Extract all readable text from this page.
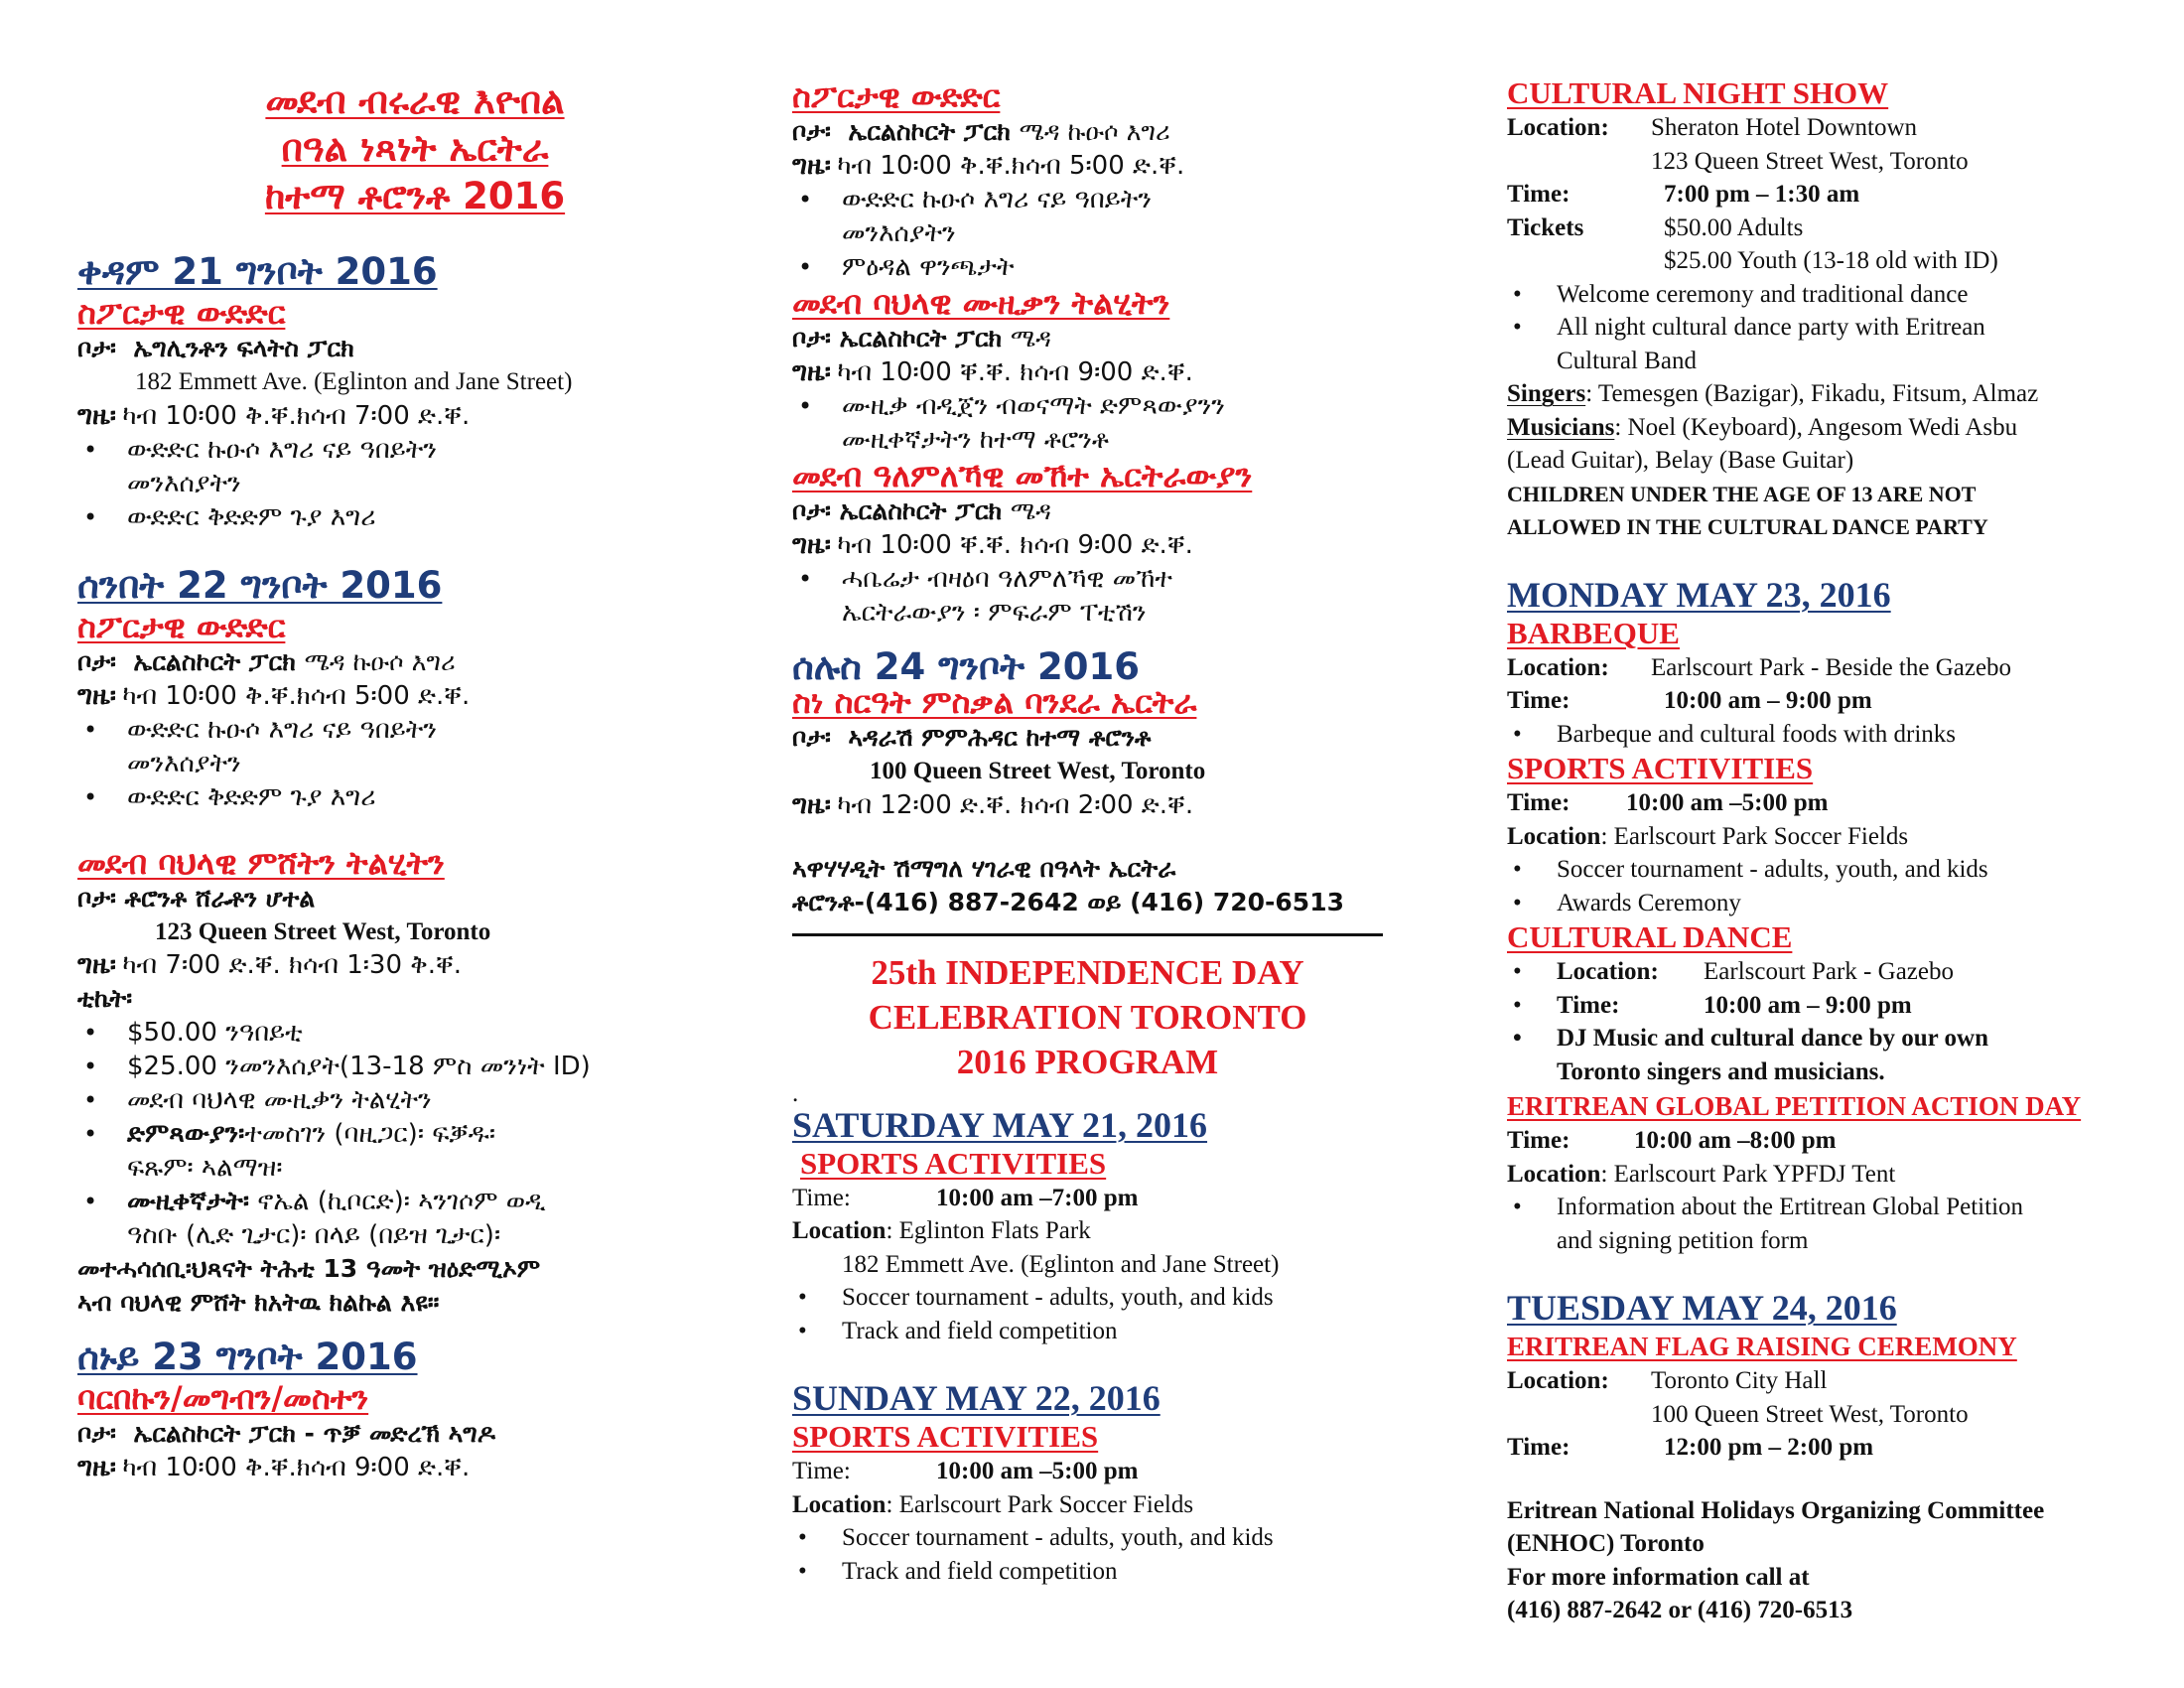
መደብ ብሩራዊ እዮበል
በዓል ነጻነት ኤርትራ
ከተማ ቶሮንቶ 2016
ቀዳም 21 ግንቦት 2016
ስፖርታዊ ውድድር
ቦታ፡ ኤግሊንቶን ፍላትስ ፓርክ
182 Emmett Ave. (Eglinton and Jane Street)
ግዜ፡ ካብ 10፡00 ቅ.ቐ.ክሳብ 7፡00 ድ.ቐ.
• ውድድር ኩዑሶ እግሪ ናይ ዓበይትን
መንእሰያትን
• ውድድር ቅድድም ጉያ እግሪ
ሰንበት 22 ግንቦት 2016
ስፖርታዊ ውድድር
ቦታ፡ ኤርልስኮርት ፓርክ ሜዳ ኩዑሶ እግሪ
ግዜ፡ ካብ 10፡00 ቅ.ቐ.ክሳብ 5፡00 ድ.ቐ.
• ውድድር ኩዑሶ እግሪ ናይ ዓበይትን
መንእሰያትን
• ውድድር ቅድድም ጉያ እግሪ
መደብ ባህላዊ ምሸትን ትልሂትን
ቦታ፡ ቶሮንቶ ሸራቶን ሆተል
123 Queen Street West, Toronto
ግዜ፡ ካብ 7፡00 ድ.ቐ. ክሳብ 1፡30 ቅ.ቐ.
ቲኬት፡
• $50.00 ንዓበይቲ
• $25.00 ንመንእሰያት(13-18 ምስ መንነት ID)
• መደብ ባህላዊ ሙዚቃን ትልሂትን
• ድምጻውያን፡ተመስገን (ባዚጋር)፡ ፍቓዱ፡
ፍጹም፡ ኣልማዝ፡
• ሙዚቀኛታት፡ ኖኤል (ኪቦርድ)፡ ኣንገሶም ወዲ
ዓስቡ (ሊድ ጊታር)፡ በላይ (በይዝ ጊታር)፡
መተሓሳሰቢ፡ህጻናት ትሕቲ 13 ዓመት ዝዕድሚኦም
ኣብ ባህላዊ ምሸት ክአትዉ ክልኩል እዩ።
ሰኑይ 23 ግንቦት 2016
ባርበኩን/መግብን/መስተን
ቦታ፡ ኤርልስኮርት ፓርክ - ጥቓ መድረኽ ኣግዶ
ግዜ፡ ካብ 10፡00 ቅ.ቐ.ክሳብ 9፡00 ድ.ቐ.
ስፖርታዊ ውድድር
ቦታ፡ ኤርልስኮርት ፓርክ ሜዳ ኩዑሶ እግሪ
ግዜ፡ ካብ 10፡00 ቅ.ቐ.ክሳብ 5፡00 ድ.ቐ.
• ውድድር ኩዑሶ እግሪ ናይ ዓበይትን
መንእሰያትን
• ምዕዳል ዋንጫታት
መደብ ባህላዊ ሙዚቃን ትልሂትን
ቦታ፡ ኤርልስኮርት ፓርክ ሜዳ
ግዜ፡ ካብ 10፡00 ቐ.ቐ. ክሳብ 9፡00 ድ.ቐ.
• ሙዚቃ ብዲጀን ብወናማት ድምጻውያንን
ሙዚቀኛታትን ከተማ ቶሮንቶ
መደብ ዓለምለኻዊ መኸተ ኤርትራውያን
ቦታ፡ ኤርልስኮርት ፓርክ ሜዳ
ግዜ፡ ካብ 10፡00 ቐ.ቐ. ክሳብ 9፡00 ድ.ቐ.
• ሓቤሬታ ብዛዕባ ዓለምለኻዊ መኸተ
ኤርትራውያን ፡ ምፍራም ፐቲሽን
ሰሉስ 24 ግንቦት 2016
ስነ ስርዓት ምስቃል ባንደራ ኤርትራ
ቦታ፡ ኣዳራሽ ምምሕዳር ከተማ ቶሮንቶ
100 Queen Street West, Toronto
ግዜ፡ ካብ 12፡00 ድ.ቐ. ክሳብ 2፡00 ድ.ቐ.
ኣዋሃሃዲት ሽማግለ ሃገራዊ በዓላት ኤርትራ
ቶሮንቶ-(416) 887-2642 ወይ (416) 720-6513
25th INDEPENDENCE DAY
CELEBRATION TORONTO
2016 PROGRAM
.
SATURDAY MAY 21, 2016
SPORTS ACTIVITIES
Time:	10:00 am –7:00 pm
Location: Eglinton Flats Park
182 Emmett Ave. (Eglinton and Jane Street)
• Soccer tournament - adults, youth, and kids
• Track and field competition
SUNDAY MAY 22, 2016
SPORTS ACTIVITIES
Time:	10:00 am –5:00 pm
Location: Earlscourt Park Soccer Fields
• Soccer tournament - adults, youth, and kids
• Track and field competition
CULTURAL NIGHT SHOW
Location: Sheraton Hotel Downtown
123 Queen Street West, Toronto
Time:	7:00 pm – 1:30 am
Tickets	$50.00 Adults
$25.00 Youth (13-18 old with ID)
• Welcome ceremony and traditional dance
• All night cultural dance party with Eritrean
Cultural Band
Singers: Temesgen (Bazigar), Fikadu, Fitsum, Almaz
Musicians: Noel (Keyboard), Angesom Wedi Asbu
(Lead Guitar), Belay (Base Guitar)
CHILDREN UNDER THE AGE OF 13 ARE NOT
ALLOWED IN THE CULTURAL DANCE PARTY
MONDAY MAY 23, 2016
BARBEQUE
Location: Earlscourt Park - Beside the Gazebo
Time:	10:00 am – 9:00 pm
• Barbeque and cultural foods with drinks
SPORTS ACTIVITIES
Time: 10:00 am –5:00 pm
Location: Earlscourt Park Soccer Fields
• Soccer tournament - adults, youth, and kids
• Awards Ceremony
CULTURAL DANCE
• Location: Earlscourt Park - Gazebo
• Time:	10:00 am – 9:00 pm
• DJ Music and cultural dance by our own
Toronto singers and musicians.
ERITREAN GLOBAL PETITION ACTION DAY
Time:	10:00 am –8:00 pm
Location: Earlscourt Park YPFDJ Tent
• Information about the Ertitrean Global Petition
and signing petition form
TUESDAY MAY 24, 2016
ERITREAN FLAG RAISING CEREMONY
Location: Toronto City Hall
100 Queen Street West, Toronto
Time:	12:00 pm – 2:00 pm
Eritrean National Holidays Organizing Committee
(ENHOC) Toronto
For more information call at
(416) 887-2642 or (416) 720-6513
